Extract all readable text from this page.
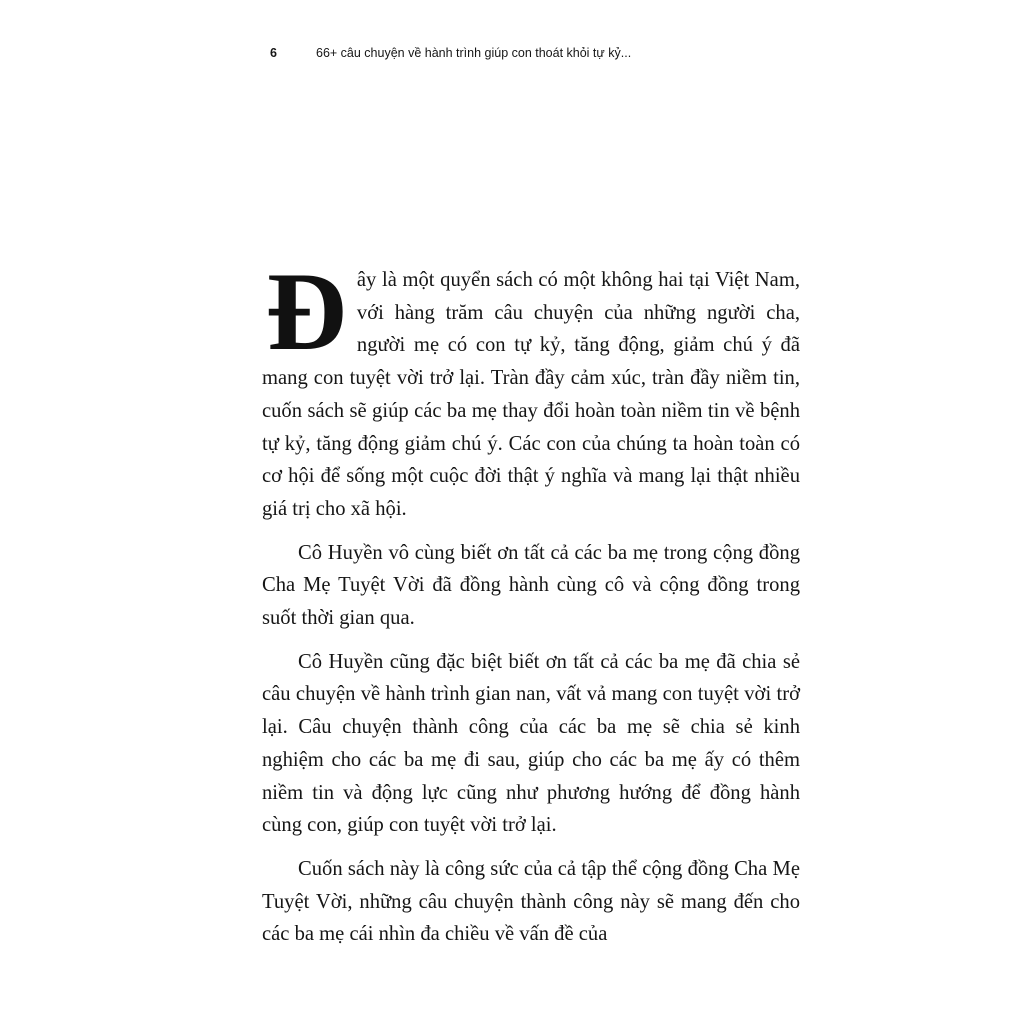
6	66+ câu chuyện về hành trình giúp con thoát khỏi tự kỷ...

Đây là một quyển sách có một không hai tại Việt Nam, với hàng trăm câu chuyện của những người cha, người mẹ có con tự kỷ, tăng động, giảm chú ý đã mang con tuyệt vời trở lại. Tràn đầy cảm xúc, tràn đầy niềm tin, cuốn sách sẽ giúp các ba mẹ thay đổi hoàn toàn niềm tin về bệnh tự kỷ, tăng động giảm chú ý. Các con của chúng ta hoàn toàn có cơ hội để sống một cuộc đời thật ý nghĩa và mang lại thật nhiều giá trị cho xã hội.

Cô Huyền vô cùng biết ơn tất cả các ba mẹ trong cộng đồng Cha Mẹ Tuyệt Vời đã đồng hành cùng cô và cộng đồng trong suốt thời gian qua.

Cô Huyền cũng đặc biệt biết ơn tất cả các ba mẹ đã chia sẻ câu chuyện về hành trình gian nan, vất vả mang con tuyệt vời trở lại. Câu chuyện thành công của các ba mẹ sẽ chia sẻ kinh nghiệm cho các ba mẹ đi sau, giúp cho các ba mẹ ấy có thêm niềm tin và động lực cũng như phương hướng để đồng hành cùng con, giúp con tuyệt vời trở lại.

Cuốn sách này là công sức của cả tập thể cộng đồng Cha Mẹ Tuyệt Vời, những câu chuyện thành công này sẽ mang đến cho các ba mẹ cái nhìn đa chiều về vấn đề của
